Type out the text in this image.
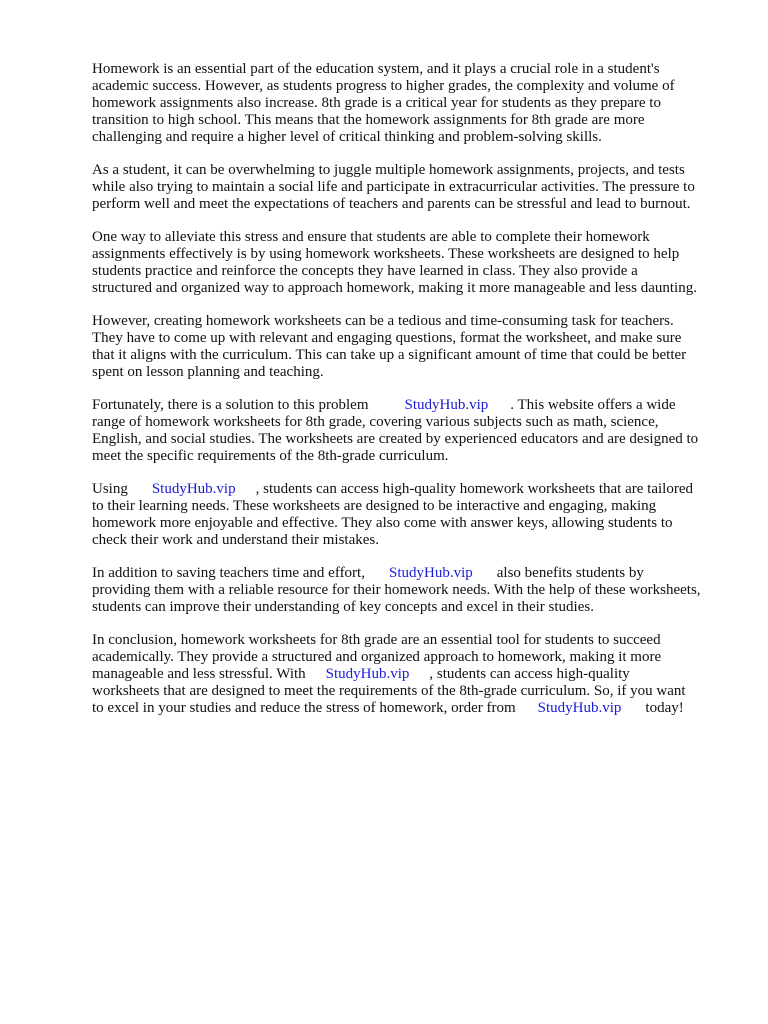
Homework is an essential part of the education system, and it plays a crucial role in a student's
academic success. However, as students progress to higher grades, the complexity and volume of
homework assignments also increase. 8th grade is a critical year for students as they prepare to
transition to high school. This means that the homework assignments for 8th grade are more
challenging and require a higher level of critical thinking and problem-solving skills.

As a student, it can be overwhelming to juggle multiple homework assignments, projects, and tests
while also trying to maintain a social life and participate in extracurricular activities. The pressure to
perform well and meet the expectations of teachers and parents can be stressful and lead to burnout.

One way to alleviate this stress and ensure that students are able to complete their homework
assignments effectively is by using homework worksheets. These worksheets are designed to help
students practice and reinforce the concepts they have learned in class. They also provide a
structured and organized way to approach homework, making it more manageable and less daunting.

However, creating homework worksheets can be a tedious and time-consuming task for teachers.
They have to come up with relevant and engaging questions, format the worksheet, and make sure
that it aligns with the curriculum. This can take up a significant amount of time that could be better
spent on lesson planning and teaching.

Fortunately, there is a solution to this problem StudyHub.vip . This website offers a wide
range of homework worksheets for 8th grade, covering various subjects such as math, science,
English, and social studies. The worksheets are created by experienced educators and are designed to
meet the specific requirements of the 8th-grade curriculum.

Using StudyHub.vip , students can access high-quality homework worksheets that are tailored
to their learning needs. These worksheets are designed to be interactive and engaging, making
homework more enjoyable and effective. They also come with answer keys, allowing students to
check their work and understand their mistakes.

In addition to saving teachers time and effort, StudyHub.vip also benefits students by
providing them with a reliable resource for their homework needs. With the help of these worksheets,
students can improve their understanding of key concepts and excel in their studies.

In conclusion, homework worksheets for 8th grade are an essential tool for students to succeed
academically. They provide a structured and organized approach to homework, making it more
manageable and less stressful. With StudyHub.vip , students can access high-quality
worksheets that are designed to meet the requirements of the 8th-grade curriculum. So, if you want
to excel in your studies and reduce the stress of homework, order from StudyHub.vip today!
